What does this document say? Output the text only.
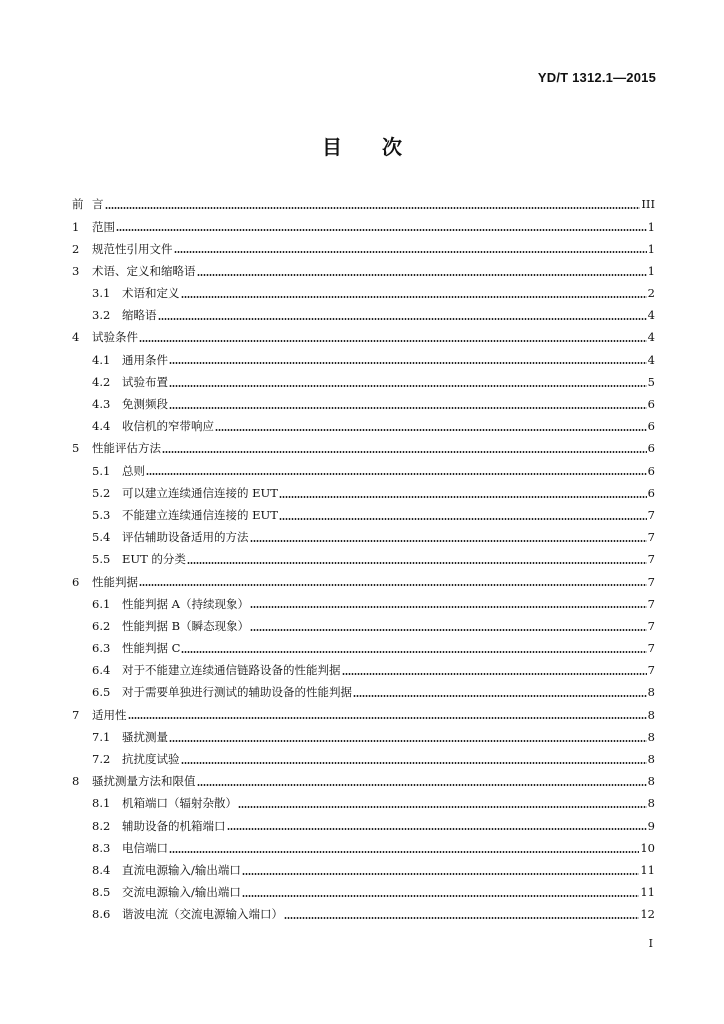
YD/T 1312.1—2015
目 次
前 言	III
1	范围	1
2	规范性引用文件	1
3	术语、定义和缩略语	1
3.1	术语和定义	2
3.2	缩略语	4
4	试验条件	4
4.1	通用条件	4
4.2	试验布置	5
4.3	免测频段	6
4.4	收信机的窄带响应	6
5	性能评估方法	6
5.1	总则	6
5.2	可以建立连续通信连接的 EUT	6
5.3	不能建立连续通信连接的 EUT	7
5.4	评估辅助设备适用的方法	7
5.5	EUT 的分类	7
6	性能判据	7
6.1	性能判据 A（持续现象）	7
6.2	性能判据 B（瞬态现象）	7
6.3	性能判据 C	7
6.4	对于不能建立连续通信链路设备的性能判据	7
6.5	对于需要单独进行测试的辅助设备的性能判据	8
7	适用性	8
7.1	骚扰测量	8
7.2	抗扰度试验	8
8	骚扰测量方法和限值	8
8.1	机箱端口（辐射杂散）	8
8.2	辅助设备的机箱端口	9
8.3	电信端口	10
8.4	直流电源输入/输出端口	11
8.5	交流电源输入/输出端口	11
8.6	谐波电流（交流电源输入端口）	12
I
